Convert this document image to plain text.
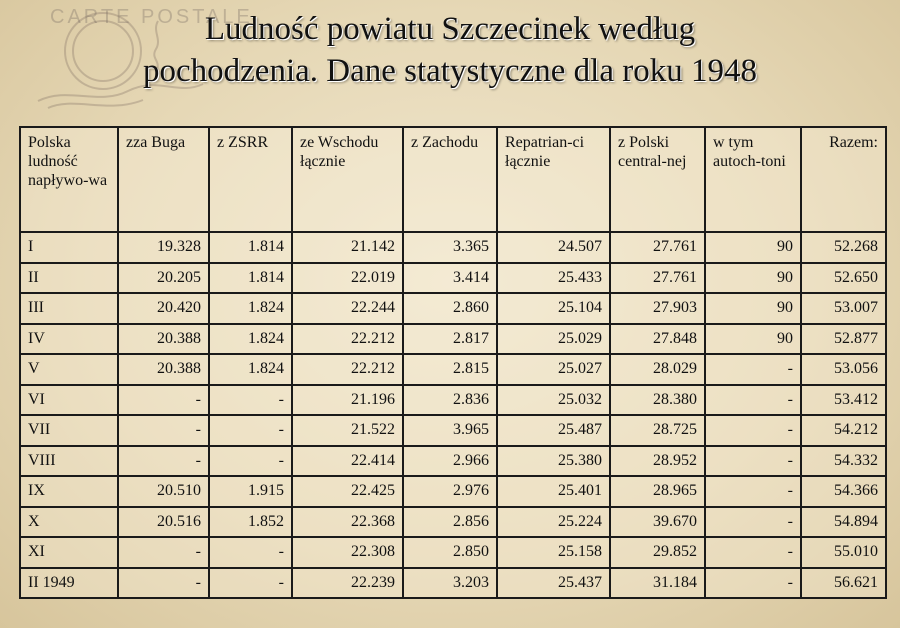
CARTE POSTALE
Ludność powiatu Szczecinek według
pochodzenia. Dane statystyczne dla roku 1948
Polska ludność napływo-wa	zza Buga	z ZSRR	ze Wschodu łącznie	z Zachodu	Repatrian-ci łącznie	z Polski central-nej	w tym autoch-toni	Razem:
I	19.328	1.814	21.142	3.365	24.507	27.761	90	52.268
II	20.205	1.814	22.019	3.414	25.433	27.761	90	52.650
III	20.420	1.824	22.244	2.860	25.104	27.903	90	53.007
IV	20.388	1.824	22.212	2.817	25.029	27.848	90	52.877
V	20.388	1.824	22.212	2.815	25.027	28.029	-	53.056
VI	-	-	21.196	2.836	25.032	28.380	-	53.412
VII	-	-	21.522	3.965	25.487	28.725	-	54.212
VIII	-	-	22.414	2.966	25.380	28.952	-	54.332
IX	20.510	1.915	22.425	2.976	25.401	28.965	-	54.366
X	20.516	1.852	22.368	2.856	25.224	39.670	-	54.894
XI	-	-	22.308	2.850	25.158	29.852	-	55.010
II 1949	-	-	22.239	3.203	25.437	31.184	-	56.621
